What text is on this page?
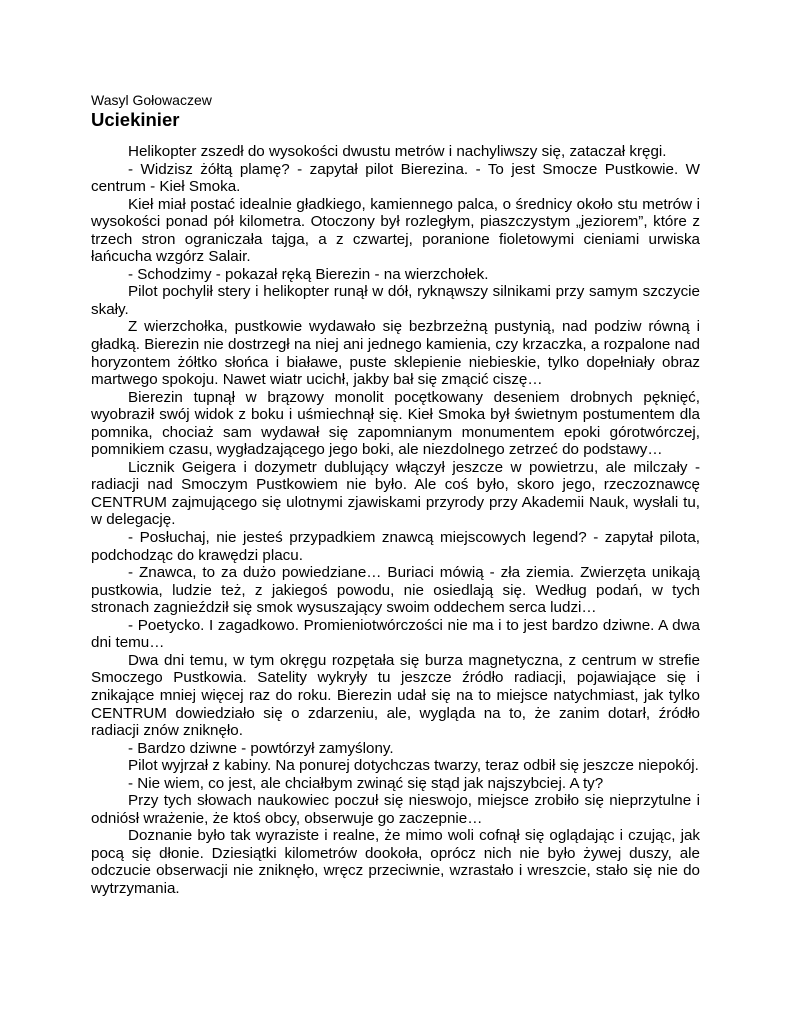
Wasyl Gołowaczew

Uciekinier

Helikopter zszedł do wysokości dwustu metrów i nachyliwszy się, zataczał kręgi.

- Widzisz żółtą plamę? - zapytał pilot Bierezina. - To jest Smocze Pustkowie. W centrum - Kieł Smoka.

Kieł miał postać idealnie gładkiego, kamiennego palca, o średnicy około stu metrów i wysokości ponad pół kilometra. Otoczony był rozległym, piaszczystym „jeziorem”, które z trzech stron ograniczała tajga, a z czwartej, poranione fioletowymi cieniami urwiska łańcucha wzgórz Salair.

- Schodzimy - pokazał ręką Bierezin - na wierzchołek.

Pilot pochylił stery i helikopter runął w dół, ryknąwszy silnikami przy samym szczycie skały.

Z wierzchołka, pustkowie wydawało się bezbrzeżną pustynią, nad podziw równą i gładką. Bierezin nie dostrzegł na niej ani jednego kamienia, czy krzaczka, a rozpalone nad horyzontem żółtko słońca i białawe, puste sklepienie niebieskie, tylko dopełniały obraz martwego spokoju. Nawet wiatr ucichł, jakby bał się zmącić ciszę…

Bierezin tupnął w brązowy monolit pocętkowany deseniem drobnych pęknięć, wyobraził swój widok z boku i uśmiechnął się. Kieł Smoka był świetnym postumentem dla pomnika, chociaż sam wydawał się zapomnianym monumentem epoki górotwórczej, pomnikiem czasu, wygładzającego jego boki, ale niezdolnego zetrzeć do podstawy…

Licznik Geigera i dozymetr dublujący włączył jeszcze w powietrzu, ale milczały - radiacji nad Smoczym Pustkowiem nie było. Ale coś było, skoro jego, rzeczoznawcę CENTRUM zajmującego się ulotnymi zjawiskami przyrody przy Akademii Nauk, wysłali tu, w delegację.

- Posłuchaj, nie jesteś przypadkiem znawcą miejscowych legend? - zapytał pilota, podchodząc do krawędzi placu.

- Znawca, to za dużo powiedziane… Buriaci mówią - zła ziemia. Zwierzęta unikają pustkowia, ludzie też, z jakiegoś powodu, nie osiedlają się. Według podań, w tych stronach zagnieździł się smok wysuszający swoim oddechem serca ludzi…

- Poetycko. I zagadkowo. Promieniotwórczości nie ma i to jest bardzo dziwne. A dwa dni temu…

Dwa dni temu, w tym okręgu rozpętała się burza magnetyczna, z centrum w strefie Smoczego Pustkowia. Satelity wykryły tu jeszcze źródło radiacji, pojawiające się i znikające mniej więcej raz do roku. Bierezin udał się na to miejsce natychmiast, jak tylko CENTRUM dowiedziało się o zdarzeniu, ale, wygląda na to, że zanim dotarł, źródło radiacji znów zniknęło.

- Bardzo dziwne - powtórzył zamyślony.

Pilot wyjrzał z kabiny. Na ponurej dotychczas twarzy, teraz odbił się jeszcze niepokój.

- Nie wiem, co jest, ale chciałbym zwinąć się stąd jak najszybciej. A ty?

Przy tych słowach naukowiec poczuł się nieswojo, miejsce zrobiło się nieprzytulne i odniósł wrażenie, że ktoś obcy, obserwuje go zaczepnie…

Doznanie było tak wyraziste i realne, że mimo woli cofnął się oglądając i czując, jak pocą się dłonie. Dziesiątki kilometrów dookoła, oprócz nich nie było żywej duszy, ale odczucie obserwacji nie zniknęło, wręcz przeciwnie, wzrastało i wreszcie, stało się nie do wytrzymania.
